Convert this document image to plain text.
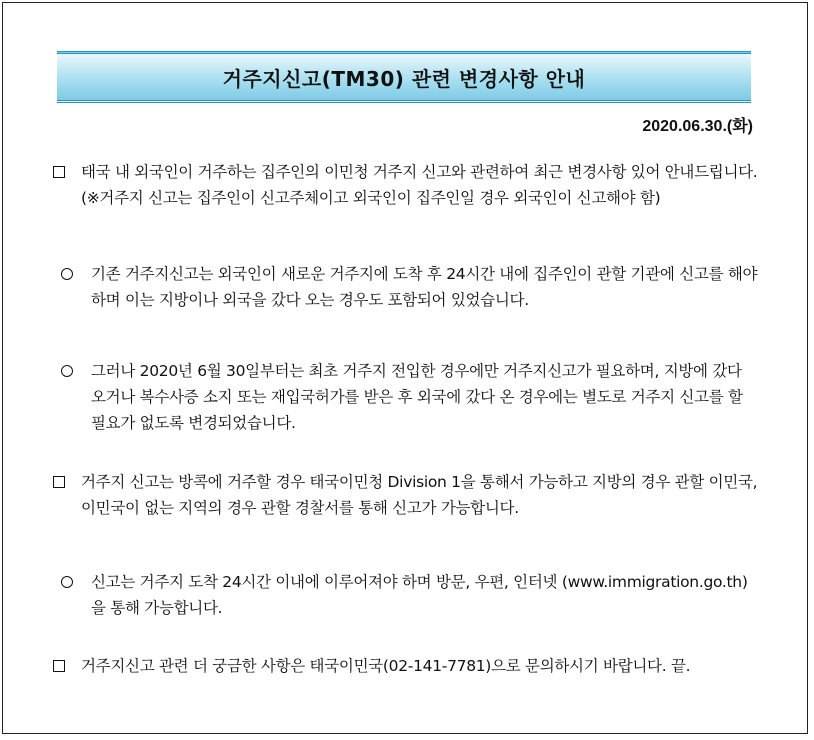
거주지신고(TM30) 관련 변경사항 안내
2020.06.30.(화)
태국 내 외국인이 거주하는 집주인의 이민청 거주지 신고와 관련하여 최근 변경사항 있어 안내드립니다.
(※거주지 신고는 집주인이 신고주체이고 외국인이 집주인일 경우 외국인이 신고해야 함)
기존 거주지신고는 외국인이 새로운 거주지에 도착 후 24시간 내에 집주인이 관할 기관에 신고를 해야 하며 이는 지방이나 외국을 갔다 오는 경우도 포함되어 있었습니다.
그러나 2020년 6월 30일부터는 최초 거주지 전입한 경우에만 거주지신고가 필요하며, 지방에 갔다 오거나 복수사증 소지 또는 재입국허가를 받은 후 외국에 갔다 온 경우에는 별도로 거주지 신고를 할 필요가 없도록 변경되었습니다.
거주지 신고는 방콕에 거주할 경우 태국이민청 Division 1을 통해서 가능하고 지방의 경우 관할 이민국, 이민국이 없는 지역의 경우 관할 경찰서를 통해 신고가 가능합니다.
신고는 거주지 도착 24시간 이내에 이루어져야 하며 방문, 우편, 인터넷 (www.immigration.go.th)을 통해 가능합니다.
거주지신고 관련 더 궁금한 사항은 태국이민국(02-141-7781)으로 문의하시기 바랍니다. 끝.
